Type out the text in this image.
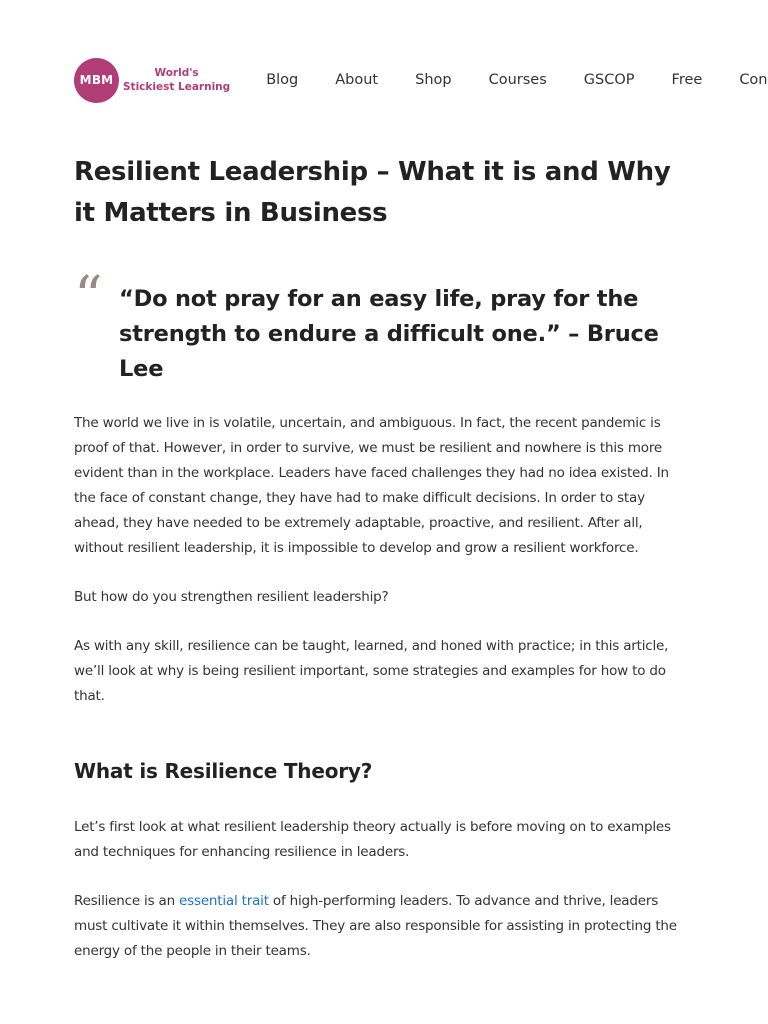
MBM	World's
Stickiest Learning Blog	About	Shop	Courses	GSCOP	Free	Con
Resilient Leadership – What it is and Why it Matters in Business
“ “Do not pray for an easy life, pray for the strength to endure a difficult one.” – Bruce Lee

The world we live in is volatile, uncertain, and ambiguous. In fact, the recent pandemic is proof of that. However, in order to survive, we must be resilient and nowhere is this more evident than in the workplace. Leaders have faced challenges they had no idea existed. In the face of constant change, they have had to make difficult decisions. In order to stay ahead, they have needed to be extremely adaptable, proactive, and resilient. After all, without resilient leadership, it is impossible to develop and grow a resilient workforce.

But how do you strengthen resilient leadership?

As with any skill, resilience can be taught, learned, and honed with practice; in this article, we’ll look at why is being resilient important, some strategies and examples for how to do that.

What is Resilience Theory?

Let’s first look at what resilient leadership theory actually is before moving on to examples and techniques for enhancing resilience in leaders.

Resilience is an essential trait of high-performing leaders. To advance and thrive, leaders must cultivate it within themselves. They are also responsible for assisting in protecting the energy of the people in their teams.
